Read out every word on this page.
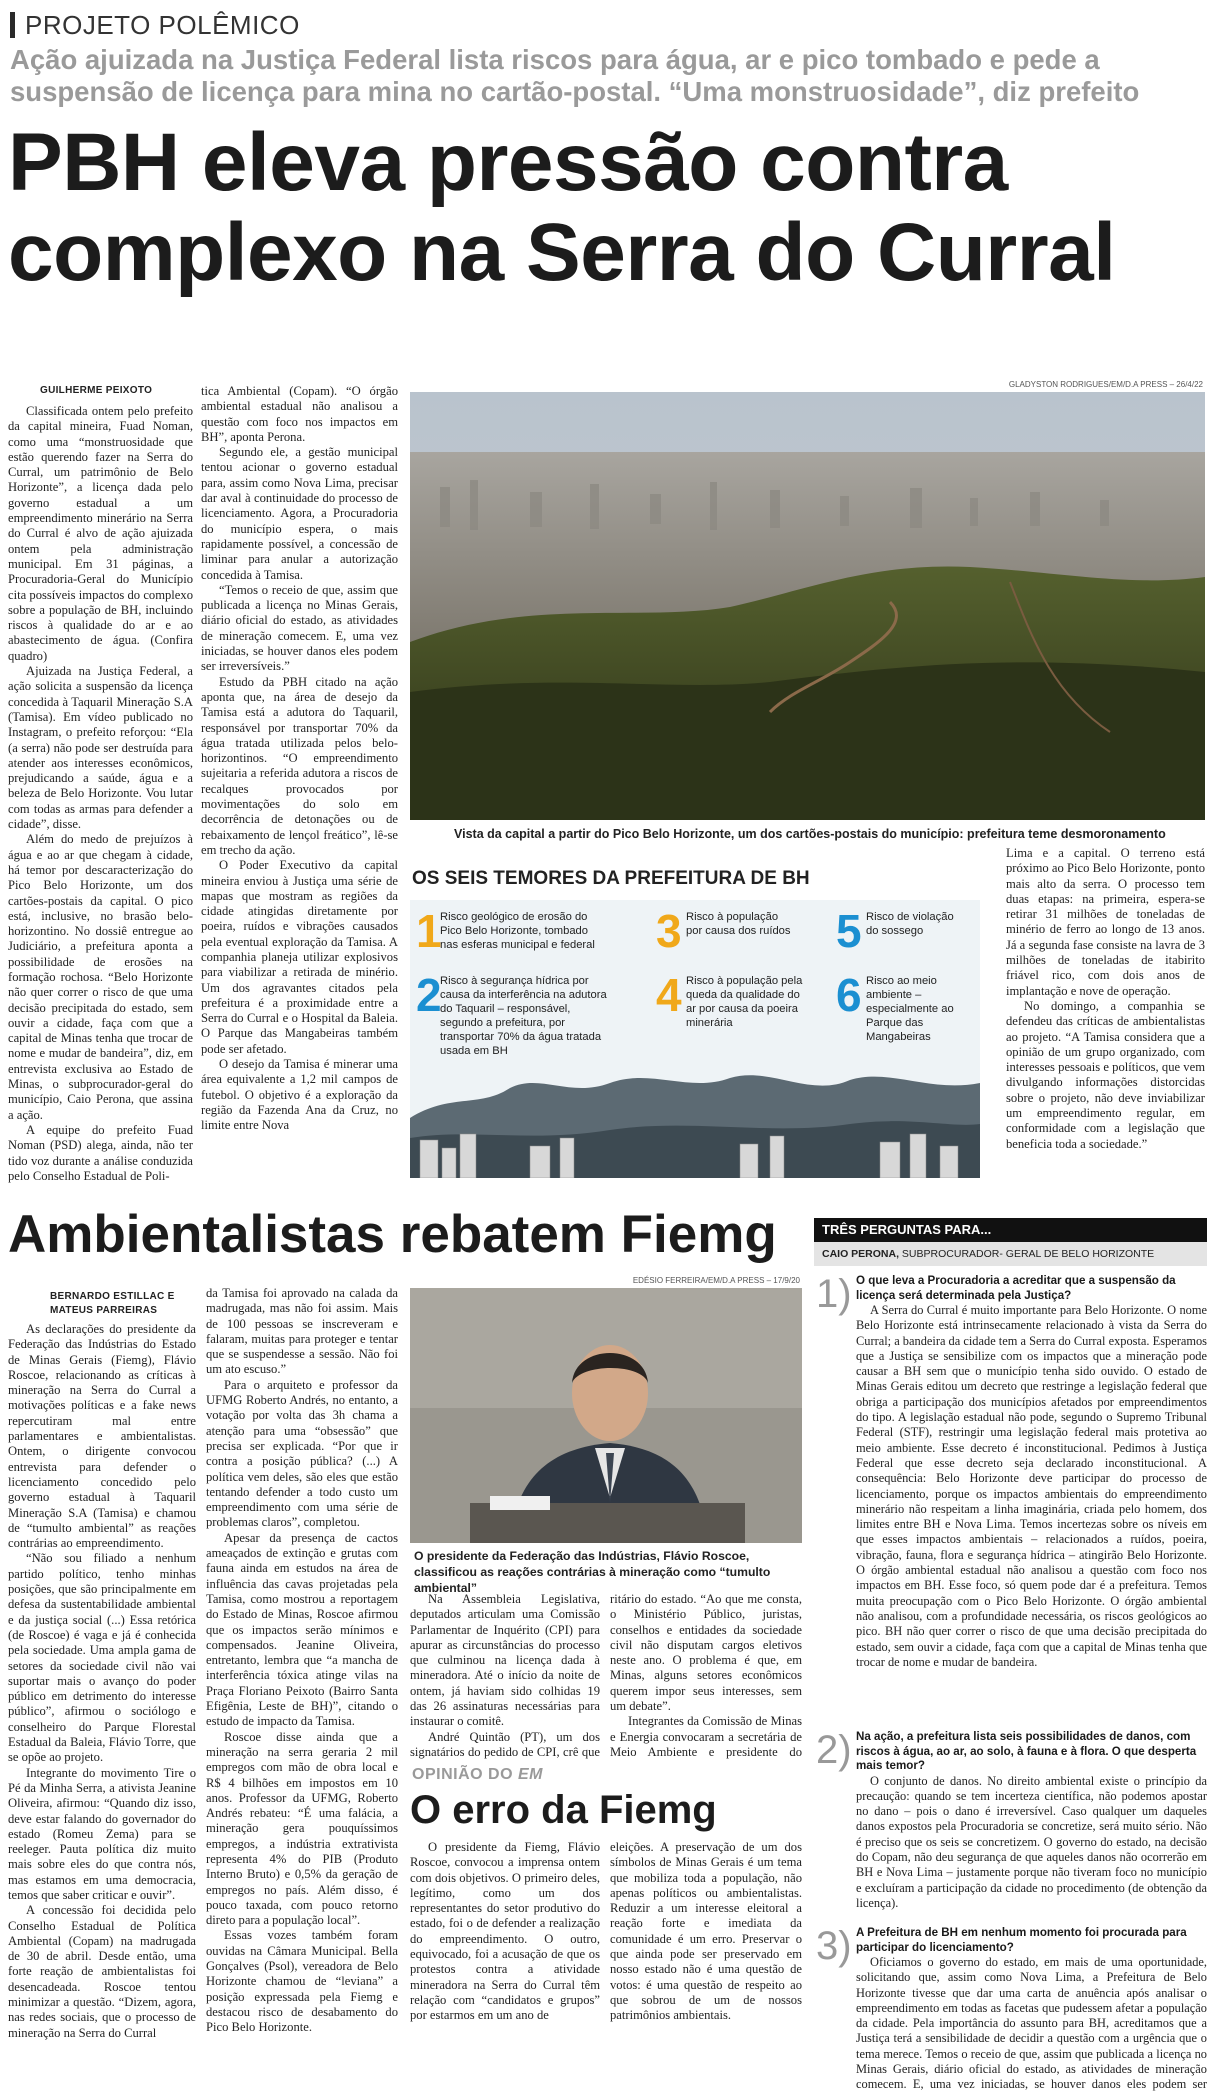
PROJETO POLÊMICO
Ação ajuizada na Justiça Federal lista riscos para água, ar e pico tombado e pede a suspensão de licença para mina no cartão-postal. “Uma monstruosidade”, diz prefeito
PBH eleva pressão contra complexo na Serra do Curral
GUILHERME PEIXOTO

Classificada ontem pelo prefeito da capital mineira, Fuad Noman, como uma “monstruosidade que estão querendo fazer na Serra do Curral, um patrimônio de Belo Horizonte”, a licença dada pelo governo estadual a um empreendimento minerário na Serra do Curral é alvo de ação ajuizada ontem pela administração municipal. Em 31 páginas, a Procuradoria-Geral do Município cita possíveis impactos do complexo sobre a população de BH, incluindo riscos à qualidade do ar e ao abastecimento de água. (Confira quadro)

Ajuizada na Justiça Federal, a ação solicita a suspensão da licença concedida à Taquaril Mineração S.A (Tamisa). Em vídeo publicado no Instagram, o prefeito reforçou: “Ela (a serra) não pode ser destruída para atender aos interesses econômicos, prejudicando a saúde, água e a beleza de Belo Horizonte. Vou lutar com todas as armas para defender a cidade”, disse.

Além do medo de prejuízos à água e ao ar que chegam à cidade, há temor por descaracterização do Pico Belo Horizonte, um dos cartões-postais da capital. O pico está, inclusive, no brasão belo-horizontino. No dossiê entregue ao Judiciário, a prefeitura aponta a possibilidade de erosões na formação rochosa. “Belo Horizonte não quer correr o risco de que uma decisão precipitada do estado, sem ouvir a cidade, faça com que a capital de Minas tenha que trocar de nome e mudar de bandeira”, diz, em entrevista exclusiva ao Estado de Minas, o subprocurador-geral do município, Caio Perona, que assina a ação.

A equipe do prefeito Fuad Noman (PSD) alega, ainda, não ter tido voz durante a análise conduzida pelo Conselho Estadual de Poli-

tica Ambiental (Copam). “O órgão ambiental estadual não analisou a questão com foco nos impactos em BH”, aponta Perona.

Segundo ele, a gestão municipal tentou acionar o governo estadual para, assim como Nova Lima, precisar dar aval à continuidade do processo de licenciamento. Agora, a Procuradoria do município espera, o mais rapidamente possível, a concessão de liminar para anular a autorização concedida à Tamisa.

“Temos o receio de que, assim que publicada a licença no Minas Gerais, diário oficial do estado, as atividades de mineração comecem. E, uma vez iniciadas, se houver danos eles podem ser irreversíveis.”

Estudo da PBH citado na ação aponta que, na área de desejo da Tamisa está a adutora do Taquaril, responsável por transportar 70% da água tratada utilizada pelos belo-horizontinos. “O empreendimento sujeitaria a referida adutora a riscos de recalques provocados por movimentações do solo em decorrência de detonações ou de rebaixamento de lençol freático”, lê-se em trecho da ação.

O Poder Executivo da capital mineira enviou à Justiça uma série de mapas que mostram as regiões da cidade atingidas diretamente por poeira, ruídos e vibrações causados pela eventual exploração da Tamisa. A companhia planeja utilizar explosivos para viabilizar a retirada de minério. Um dos agravantes citados pela prefeitura é a proximidade entre a Serra do Curral e o Hospital da Baleia. O Parque das Mangabeiras também pode ser afetado.

O desejo da Tamisa é minerar uma área equivalente a 1,2 mil campos de futebol. O objetivo é a exploração da região da Fazenda Ana da Cruz, no limite entre Nova

GLADYSTON RODRIGUES/EM/D.A PRESS – 26/4/22
Vista da capital a partir do Pico Belo Horizonte, um dos cartões-postais do município: prefeitura teme desmoronamento
OS SEIS TEMORES DA PREFEITURA DE BH
1
Risco geológico de erosão do Pico Belo Horizonte, tombado nas esferas municipal e federal
2
Risco à segurança hídrica por causa da interferência na adutora do Taquaril – responsável, segundo a prefeitura, por transportar 70% da água tratada usada em BH
3 Risco à população por causa dos ruídos
4 Risco à população pela queda da qualidade do ar por causa da poeira minerária
5 Risco de violação do sossego
6 Risco ao meio ambiente – especialmente ao Parque das Mangabeiras

Lima e a capital. O terreno está próximo ao Pico Belo Horizonte, ponto mais alto da serra. O processo tem duas etapas: na primeira, espera-se retirar 31 milhões de toneladas de minério de ferro ao longo de 13 anos. Já a segunda fase consiste na lavra de 3 milhões de toneladas de itabirito friável rico, com dois anos de implantação e nove de operação.

No domingo, a companhia se defendeu das críticas de ambientalistas ao projeto. “A Tamisa considera que a opinião de um grupo organizado, com interesses pessoais e políticos, que vem divulgando informações distorcidas sobre o projeto, não deve inviabilizar um empreendimento regular, em conformidade com a legislação que beneficia toda a sociedade.”

Ambientalistas rebatem Fiemg
BERNARDO ESTILLAC E
MATEUS PARREIRAS

As declarações do presidente da Federação das Indústrias do Estado de Minas Gerais (Fiemg), Flávio Roscoe, relacionando as críticas à mineração na Serra do Curral a motivações políticas e a fake news repercutiram mal entre parlamentares e ambientalistas. Ontem, o dirigente convocou entrevista para defender o licenciamento concedido pelo governo estadual à Taquaril Mineração S.A (Tamisa) e chamou de “tumulto ambiental” as reações contrárias ao empreendimento.

“Não sou filiado a nenhum partido político, tenho minhas posições, que são principalmente em defesa da sustentabilidade ambiental e da justiça social (...) Essa retórica (de Roscoe) é vaga e já é conhecida pela sociedade. Uma ampla gama de setores da sociedade civil não vai suportar mais o avanço do poder público em detrimento do interesse público”, afirmou o sociólogo e conselheiro do Parque Florestal Estadual da Baleia, Flávio Torre, que se opõe ao projeto.

Integrante do movimento Tire o Pé da Minha Serra, a ativista Jeanine Oliveira, afirmou: “Quando diz isso, deve estar falando do governador do estado (Romeu Zema) para se reeleger. Pauta política diz muito mais sobre eles do que contra nós, mas estamos em uma democracia, temos que saber criticar e ouvir”.

A concessão foi decidida pelo Conselho Estadual de Política Ambiental (Copam) na madrugada de 30 de abril. Desde então, uma forte reação de ambientalistas foi desencadeada. Roscoe tentou minimizar a questão. “Dizem, agora, nas redes sociais, que o processo de mineração na Serra do Curral

da Tamisa foi aprovado na calada da madrugada, mas não foi assim. Mais de 100 pessoas se inscreveram e falaram, muitas para proteger e tentar que se suspendesse a sessão. Não foi um ato escuso.”

Para o arquiteto e professor da UFMG Roberto Andrés, no entanto, a votação por volta das 3h chama a atenção para uma “obsessão” que precisa ser explicada. “Por que ir contra a posição pública? (...) A política vem deles, são eles que estão tentando defender a todo custo um empreendimento com uma série de problemas claros”, completou.

Apesar da presença de cactos ameaçados de extinção e grutas com fauna ainda em estudos na área de influência das cavas projetadas pela Tamisa, como mostrou a reportagem do Estado de Minas, Roscoe afirmou que os impactos serão mínimos e compensados. Jeanine Oliveira, entretanto, lembra que “a mancha de interferência tóxica atinge vilas na Praça Floriano Peixoto (Bairro Santa Efigênia, Leste de BH)”, citando o estudo de impacto da Tamisa.

Roscoe disse ainda que a mineração na serra geraria 2 mil empregos com mão de obra local e R$ 4 bilhões em impostos em 10 anos. Professor da UFMG, Roberto Andrés rebateu: “É uma falácia, a mineração gera pouquíssimos empregos, a indústria extrativista representa 4% do PIB (Produto Interno Bruto) e 0,5% da geração de empregos no país. Além disso, é pouco taxada, com pouco retorno direto para a população local”.

Essas vozes também foram ouvidas na Câmara Municipal. Bella Gonçalves (Psol), vereadora de Belo Horizonte chamou de “leviana” a posição expressada pela Fiemg e destacou risco de desabamento do Pico Belo Horizonte.

EDÉSIO FERREIRA/EM/D.A PRESS – 17/9/20
O presidente da Federação das Indústrias, Flávio Roscoe, classificou as reações contrárias à mineração como “tumulto ambiental”

Na Assembleia Legislativa, deputados articulam uma Comissão Parlamentar de Inquérito (CPI) para apurar as circunstâncias do processo que culminou na licença dada à mineradora. Até o início da noite de ontem, já haviam sido colhidas 19 das 26 assinaturas necessárias para instaurar o comitê.

André Quintão (PT), um dos signatários do pedido de CPI, crê que

ritário do estado. “Ao que me consta, o Ministério Público, juristas, conselhos e entidades da sociedade civil não disputam cargos eletivos neste ano. O problema é que, em Minas, alguns setores econômicos querem impor seus interesses, sem um debate”.

Integrantes da Comissão de Minas e Energia convocaram a secretária de Meio Ambiente e presidente do

OPINIÃO DO EM
O erro da Fiemg

O presidente da Fiemg, Flávio Roscoe, convocou a imprensa ontem com dois objetivos. O primeiro deles, legítimo, como um dos representantes do setor produtivo do estado, foi o de defender a realização do empreendimento. O outro, equivocado, foi a acusação de que os protestos contra a atividade mineradora na Serra do Curral têm relação com “candidatos e grupos” por estarmos em um ano de

eleições. A preservação de um dos símbolos de Minas Gerais é um tema que mobiliza toda a população, não apenas políticos ou ambientalistas. Reduzir a um interesse eleitoral a reação forte e imediata da comunidade é um erro. Preservar o que ainda pode ser preservado em nosso estado não é uma questão de votos: é uma questão de respeito ao que sobrou de um de nossos patrimônios ambientais.

TRÊS PERGUNTAS PARA...
CAIO PERONA, SUBPROCURADOR- GERAL DE BELO HORIZONTE
1) O que leva a Procuradoria a acreditar que a suspensão da licença será determinada pela Justiça?
A Serra do Curral é muito importante para Belo Horizonte. O nome Belo Horizonte está intrinsecamente relacionado à vista da Serra do Curral; a bandeira da cidade tem a Serra do Curral exposta. Esperamos que a Justiça se sensibilize com os impactos que a mineração pode causar a BH sem que o município tenha sido ouvido. O estado de Minas Gerais editou um decreto que restringe a legislação federal que obriga a participação dos municípios afetados por empreendimentos do tipo. A legislação estadual não pode, segundo o Supremo Tribunal Federal (STF), restringir uma legislação federal mais protetiva ao meio ambiente. Esse decreto é inconstitucional. Pedimos à Justiça Federal que esse decreto seja declarado inconstitucional. A consequência: Belo Horizonte deve participar do processo de licenciamento, porque os impactos ambientais do empreendimento minerário não respeitam a linha imaginária, criada pelo homem, dos limites entre BH e Nova Lima. Temos incertezas sobre os níveis em que esses impactos ambientais – relacionados a ruídos, poeira, vibração, fauna, flora e segurança hídrica – atingirão Belo Horizonte. O órgão ambiental estadual não analisou a questão com foco nos impactos em BH. Esse foco, só quem pode dar é a prefeitura. Temos muita preocupação com o Pico Belo Horizonte. O órgão ambiental não analisou, com a profundidade necessária, os riscos geológicos ao pico. BH não quer correr o risco de que uma decisão precipitada do estado, sem ouvir a cidade, faça com que a capital de Minas tenha que trocar de nome e mudar de bandeira.
2) Na ação, a prefeitura lista seis possibilidades de danos, com riscos à água, ao ar, ao solo, à fauna e à flora. O que desperta mais temor?
O conjunto de danos. No direito ambiental existe o princípio da precaução: quando se tem incerteza científica, não podemos apostar no dano – pois o dano é irreversível. Caso qualquer um daqueles danos expostos pela Procuradoria se concretize, será muito sério. Não é preciso que os seis se concretizem. O governo do estado, na decisão do Copam, não deu segurança de que aqueles danos não ocorrerão em BH e Nova Lima – justamente porque não tiveram foco no município e excluíram a participação da cidade no procedimento (de obtenção da licença).
3) A Prefeitura de BH em nenhum momento foi procurada para participar do licenciamento?
Oficiamos o governo do estado, em mais de uma oportunidade, solicitando que, assim como Nova Lima, a Prefeitura de Belo Horizonte tivesse que dar uma carta de anuência após analisar o empreendimento em todas as facetas que pudessem afetar a população da cidade. Pela importância do assunto para BH, acreditamos que a Justiça terá a sensibilidade de decidir a questão com a urgência que o tema merece. Temos o receio de que, assim que publicada a licença no Minas Gerais, diário oficial do estado, as atividades de mineração comecem. E, uma vez iniciadas, se houver danos eles podem ser
